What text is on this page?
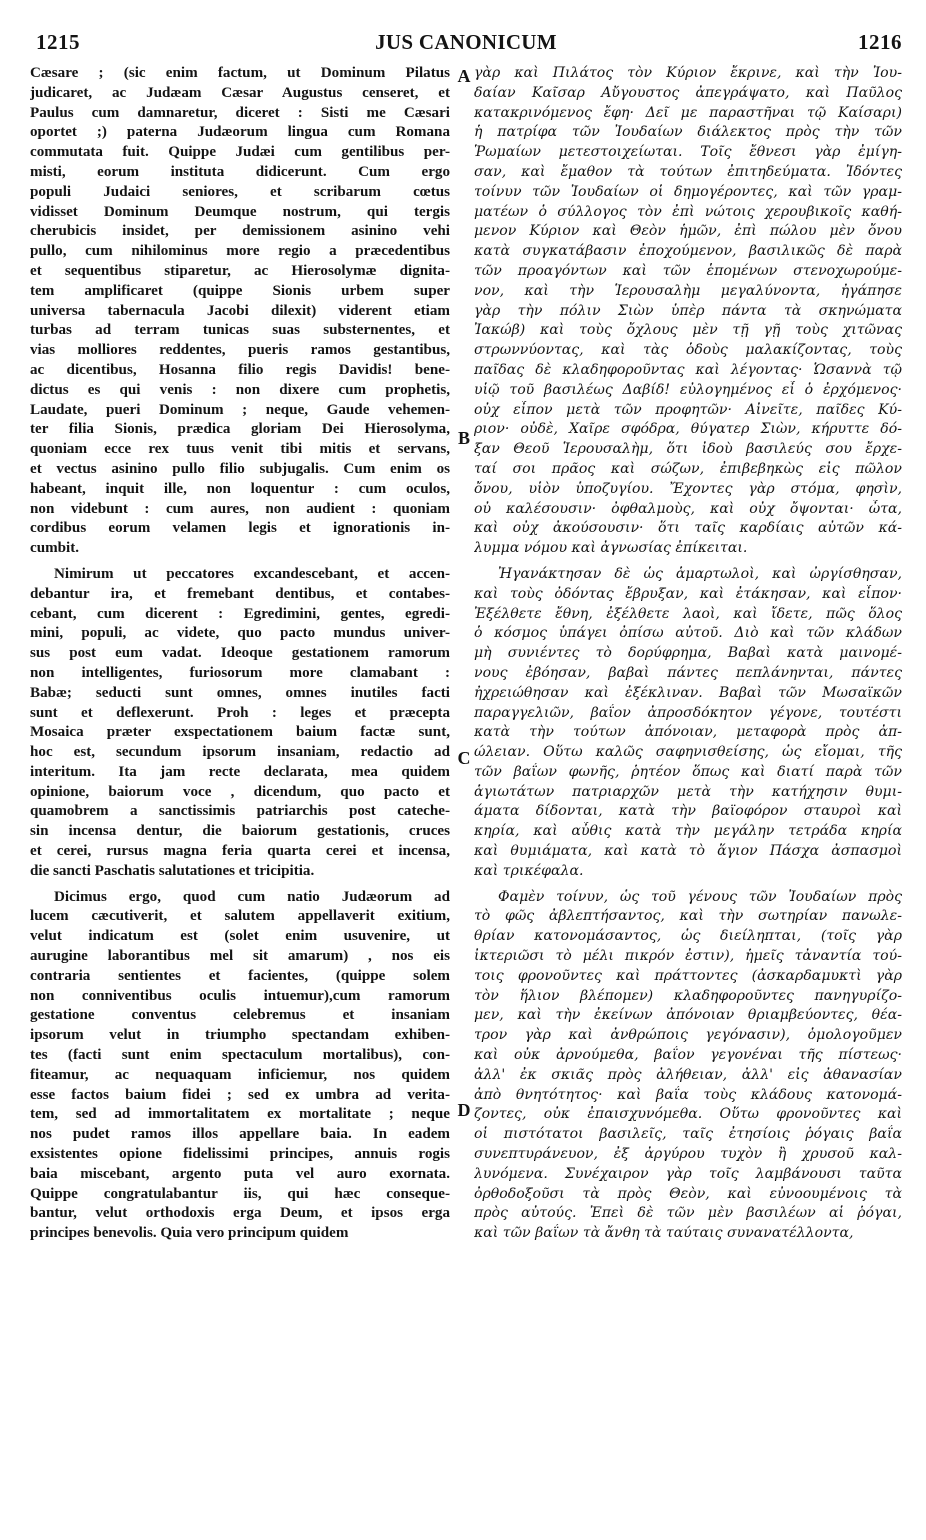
1215	JUS CANONICUM	1216
Cæsare ; (sic enim factum, ut Dominum Pilatus
judicaret, ac Judæam Cæsar Augustus censeret, et
Paulus cum damnaretur, diceret : Sisti me Cæsari
oportet ;) paterna Judæorum lingua cum Romana
commutata fuit. Quippe Judæi cum gentilibus per-
misti, eorum instituta didicerunt. Cum ergo
populi Judaici seniores, et scribarum cœtus
vidisset Dominum Deumque nostrum, qui tergis
cherubicis insidet, per demissionem asinino vehi
pullo, cum nihilominus more regio a præcedentibus
et sequentibus stiparetur, ac Hierosolymæ dignita-
tem amplificaret (quippe Sionis urbem super
universa tabernacula Jacobi dilexit) viderent etiam
turbas ad terram tunicas suas substernentes, et
vias molliores reddentes, pueris ramos gestantibus,
ac dicentibus, Hosanna filio regis Davidis! bene-
dictus es qui venis : non dixere cum prophetis,
Laudate, pueri Dominum ; neque, Gaude vehemen-
ter filia Sionis, prædica gloriam Dei Hierosolyma,
quoniam ecce rex tuus venit tibi mitis et servans,
et vectus asinino pullo filio subjugalis. Cum enim os
habeant, inquit ille, non loquentur : cum oculos,
non videbunt : cum aures, non audient : quoniam
cordibus eorum velamen legis et ignorationis in-
cumbit.
Nimirum ut peccatores excandescebant, et accen-
debantur ira, et fremebant dentibus, et contabes-
cebant, cum dicerent : Egredimini, gentes, egredi-
mini, populi, ac videte, quo pacto mundus univer-
sus post eum vadat. Ideoque gestationem ramorum
non intelligentes, furiosorum more clamabant :
Babæ; seducti sunt omnes, omnes inutiles facti
sunt et deflexerunt. Proh : leges et præcepta
Mosaica præter exspectationem baium factæ sunt,
hoc est, secundum ipsorum insaniam, redactio ad
interitum. Ita jam recte declarata, mea quidem
opinione, baiorum voce , dicendum, quo pacto et
quamobrem a sanctissimis patriarchis post cateche-
sin incensa dentur, die baiorum gestationis, cruces
et cerei, rursus magna feria quarta cerei et incensa,
die sancti Paschatis salutationes et tricipitia.
Dicimus ergo, quod cum natio Judæorum ad
lucem cæcutiverit, et salutem appellaverit exitium,
velut indicatum est (solet enim usuvenire, ut
aurugine laborantibus mel sit amarum) , nos eis
contraria sentientes et facientes, (quippe solem
non conniventibus oculis intuemur),cum ramorum
gestatione conventus celebremus et insaniam
ipsorum velut in triumpho spectandam exhiben-
tes (facti sunt enim spectaculum mortalibus), con-
fiteamur, ac nequaquam inficiemur, nos quidem
esse factos baium fidei ; sed ex umbra ad verita-
tem, sed ad immortalitatem ex mortalitate ; neque
nos pudet ramos illos appellare baia. In eadem
exsistentes opione fidelissimi principes, annuis rogis
baia miscebant, argento puta vel auro exornata.
Quippe congratulabantur iis, qui hæc conseque-
bantur, velut orthodoxis erga Deum, et ipsos erga
principes benevolis. Quia vero principum quidem
γὰρ καὶ Πιλάτος τὸν Κύριον ἔκρινε, καὶ τὴν Ἰου-
δαίαν Καῖσαρ Αὔγουστος ἀπεγράψατο, καὶ Παῦλος
κατακρινόμενος ἔφη· Δεῖ με παραστῆναι τῷ Καίσαρι)
ἡ πατρίφα τῶν Ἰουδαίων διάλεκτος πρὸς τὴν τῶν
Ῥωμαίων μετεστοιχείωται. Τοῖς ἔθνεσι γὰρ ἐμίγη-
σαν, καὶ ἔμαθον τὰ τούτων ἐπιτηδεύματα. Ἰδόντες
τοίνυν τῶν Ἰουδαίων οἱ δημογέροντες, καὶ τῶν γραμ-
ματέων ὁ σύλλογος τὸν ἐπὶ νώτοις χερουβικοῖς καθή-
μενον Κύριον καὶ Θεὸν ἡμῶν, ἐπὶ πώλου μὲν ὄνου
κατὰ συγκατάβασιν ἐποχούμενον, βασιλικῶς δὲ παρὰ
τῶν προαγόντων καὶ τῶν ἑπομένων στενοχωρούμε-
νον, καὶ τὴν Ἱερουσαλὴμ μεγαλύνοντα, ἠγάπησε
γὰρ τὴν πόλιν Σιὼν ὑπὲρ πάντα τὰ σκηνώματα
Ἰακώβ) καὶ τοὺς ὄχλους μὲν τῇ γῇ τοὺς χιτῶνας
στρωννύοντας, καὶ τὰς ὁδοὺς μαλακίζοντας, τοὺς
παῖδας δὲ κλαδηφοροῦντας καὶ λέγοντας· Ὡσαννὰ τῷ
υἱῷ τοῦ βασιλέως Δαβίδ! εὐλογημένος εἶ ὁ ἐρχόμενος·
οὐχ εἶπον μετὰ τῶν προφητῶν· Αἰνεῖτε, παῖδες Κύ-
ριον· οὐδὲ, Χαῖρε σφόδρα, θύγατερ Σιὼν, κήρυττε δό-
ξαν Θεοῦ Ἱερουσαλὴμ, ὅτι ἰδοὺ βασιλεύς σου ἔρχε-
ταί σοι πρᾶος καὶ σώζων, ἐπιβεβηκὼς εἰς πῶλον
ὄνου, υἱὸν ὑποζυγίου. Ἔχοντες γὰρ στόμα, φησὶν,
οὐ καλέσουσιν· ὀφθαλμοὺς, καὶ οὐχ ὄψονται· ὦτα,
καὶ οὐχ ἀκούσουσιν· ὅτι ταῖς καρδίαις αὐτῶν κά-
λυμμα νόμου καὶ ἀγνωσίας ἐπίκειται.
Ἠγανάκτησαν δὲ ὡς ἁμαρτωλοὶ, καὶ ὠργίσθησαν,
καὶ τοὺς ὀδόντας ἔβρυξαν, καὶ ἐτάκησαν, καὶ εἶπον·
Ἐξέλθετε ἔθνη, ἐξέλθετε λαοὶ, καὶ ἴδετε, πῶς ὅλος
ὁ κόσμος ὑπάγει ὀπίσω αὐτοῦ. Διὸ καὶ τῶν κλάδων
μὴ συνιέντες τὸ δορύφρημα, Βαβαὶ κατὰ μαινομέ-
νους ἐβόησαν, βαβαὶ πάντες πεπλάνηνται, πάντες
ἠχρειώθησαν καὶ ἐξέκλιναν. Βαβαὶ τῶν Μωσαϊκῶν
παραγγελιῶν, βαΐον ἀπροσδόκητον γέγονε, τουτέστι
κατὰ τὴν τούτων ἀπόνοιαν, μεταφορὰ πρὸς ἀπ-
ώλειαν. Οὕτω καλῶς σαφηνισθείσης, ὡς εἴομαι, τῆς
τῶν βαΐων φωνῆς, ῥητέον ὅπως καὶ διατί παρὰ τῶν
ἁγιωτάτων πατριαρχῶν μετὰ τὴν κατήχησιν θυμι-
άματα δίδονται, κατὰ τὴν βαϊοφόρον σταυροὶ καὶ
κηρία, καὶ αὖθις κατὰ τὴν μεγάλην τετράδα κηρία
καὶ θυμιάματα, καὶ κατὰ τὸ ἅγιον Πάσχα ἀσπασμοὶ
καὶ τρικέφαλα.
Φαμὲν τοίνυν, ὡς τοῦ γένους τῶν Ἰουδαίων πρὸς
τὸ φῶς ἀβλεπτήσαντος, καὶ τὴν σωτηρίαν πανωλε-
θρίαν κατονομάσαντος, ὡς διείληπται, (τοῖς γὰρ
ἰκτεριῶσι τὸ μέλι πικρόν ἐστιν), ἡμεῖς τἀναντία τού-
τοις φρονοῦντες καὶ πράττοντες (ἀσκαρδαμυκτὶ γὰρ
τὸν ἥλιον βλέπομεν) κλαδηφοροῦντες πανηγυρίζο-
μεν, καὶ τὴν ἐκείνων ἀπόνοιαν θριαμβεύοντες, θέα-
τρον γὰρ καὶ ἀνθρώποις γεγόνασιν), ὁμολογοῦμεν
καὶ οὐκ ἀρνούμεθα, βαΐον γεγονέναι τῆς πίστεως·
ἀλλ' ἐκ σκιᾶς πρὸς ἀλήθειαν, ἀλλ' εἰς ἀθανασίαν
ἀπὸ θνητότητος· καὶ βαΐα τοὺς κλάδους κατονομά-
ζοντες, οὐκ ἐπαισχυνόμεθα. Οὕτω φρονοῦντες καὶ
οἱ πιστότατοι βασιλεῖς, ταῖς ἐτησίοις ῥόγαις βαΐα
συνεπτυράνευον, ἐξ ἀργύρου τυχὸν ἢ χρυσοῦ καλ-
λυνόμενα. Συνέχαιρον γὰρ τοῖς λαμβάνουσι ταῦτα
ὀρθοδοξοῦσι τὰ πρὸς Θεὸν, καὶ εὐνοουμένοις τὰ
πρὸς αὐτούς. Ἐπεὶ δὲ τῶν μὲν βασιλέων αἱ ῥόγαι,
καὶ τῶν βαΐων τὰ ἄνθη τὰ ταύταις συνανατέλλοντα,
A
B
C
D
